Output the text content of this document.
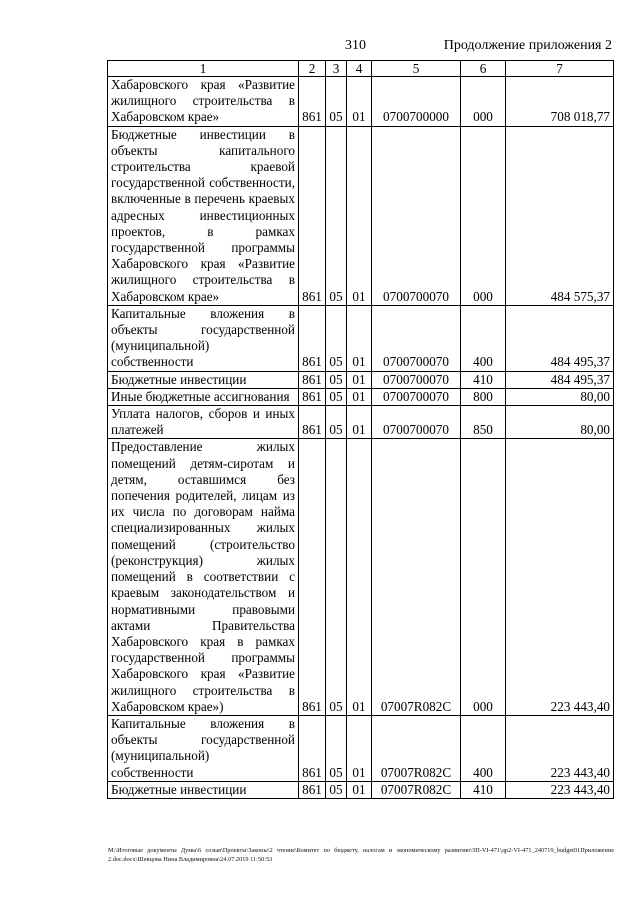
310	Продолжение приложения 2
1	2	3	4	5	6	7
Хабаровского края «Развитие жилищного строительства в Хабаровском крае»	861	05	01	0700700000	000	708 018,77
Бюджетные инвестиции в объекты капитального строительства краевой государственной собственности, включенные в перечень краевых адресных инвестиционных проектов, в рамках государственной программы Хабаровского края «Развитие жилищного строительства в Хабаровском крае»	861	05	01	0700700070	000	484 575,37
Капитальные вложения в объекты государственной (муниципальной) собственности	861	05	01	0700700070	400	484 495,37
Бюджетные инвестиции	861	05	01	0700700070	410	484 495,37
Иные бюджетные ассигнования	861	05	01	0700700070	800	80,00
Уплата налогов, сборов и иных платежей	861	05	01	0700700070	850	80,00
Предоставление жилых помещений детям-сиротам и детям, оставшимся без попечения родителей, лицам из их числа по договорам найма специализированных жилых помещений (строительство (реконструкция) жилых помещений в соответствии с краевым законодательством и нормативными правовыми актами Правительства Хабаровского края в рамках государственной программы Хабаровского края «Развитие жилищного строительства в Хабаровском крае»)	861	05	01	07007R082C	000	223 443,40
Капитальные вложения в объекты государственной (муниципальной) собственности	861	05	01	07007R082C	400	223 443,40
Бюджетные инвестиции	861	05	01	07007R082C	410	223 443,40
M:\Итоговые документы Думы\6 созыв\Проекты\Законы\2 чтение\Комитет по бюджету, налогам и экономическому развитию\ЗП-VI-471\др2-VI-471_240719_budget01Приложение 2.doc.docx\Шевцова Нина Владимировна\24.07.2019 11:50:53
